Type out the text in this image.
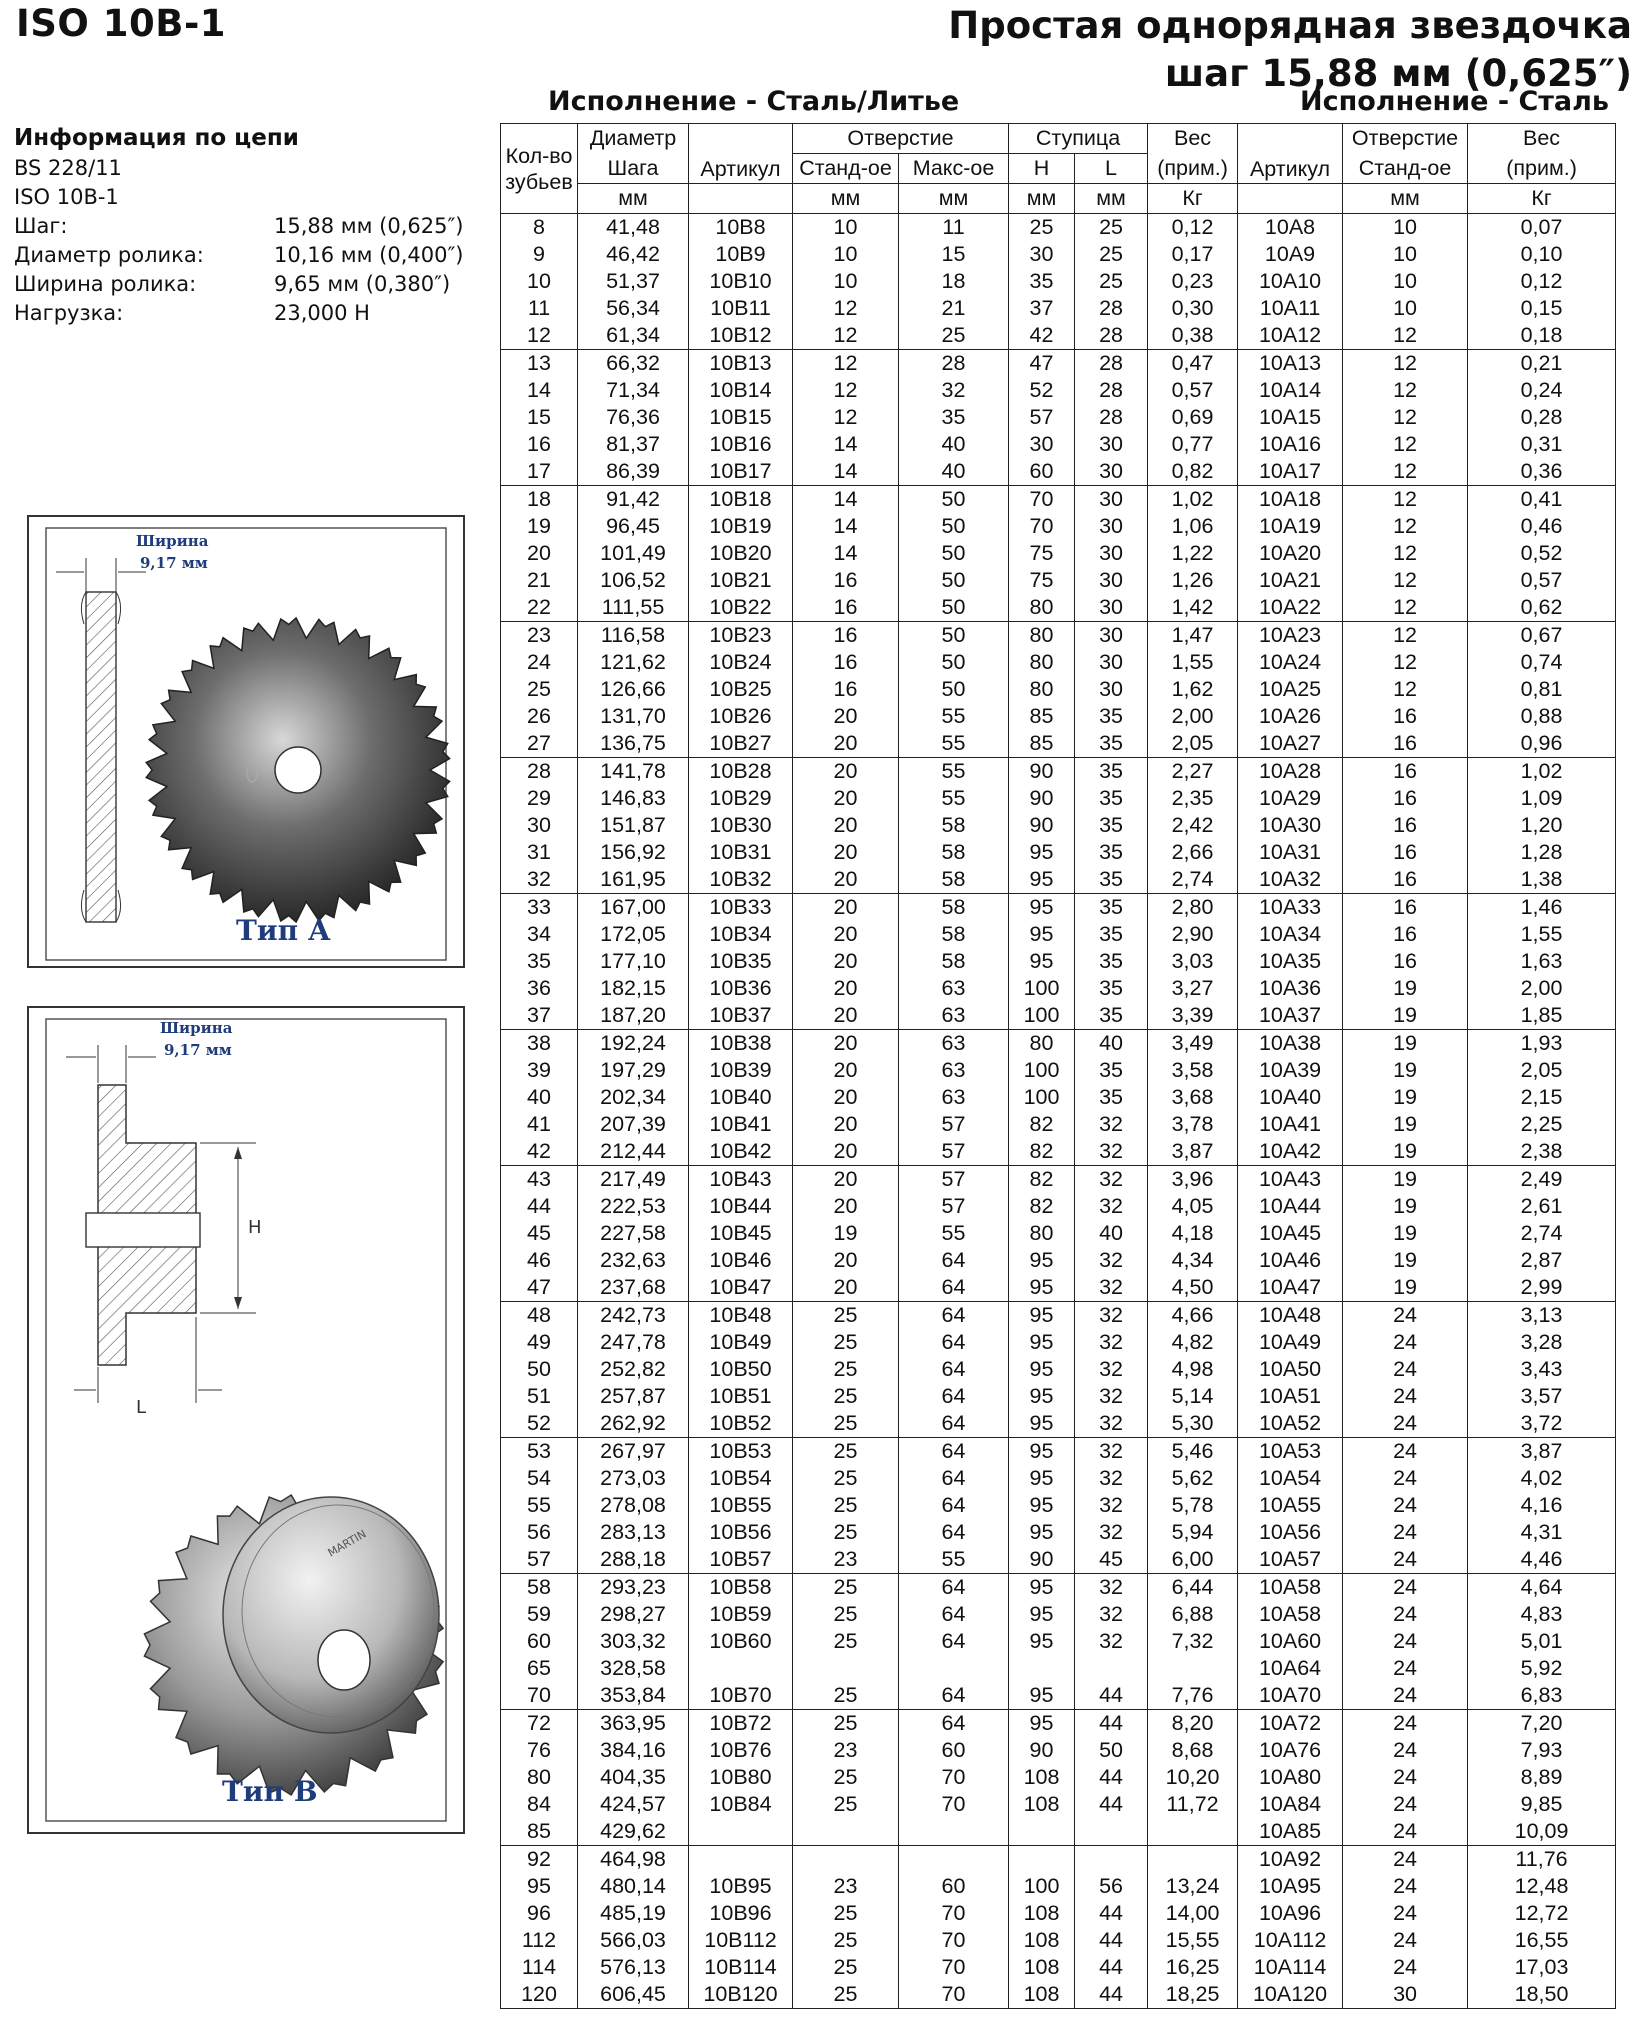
ISO 10B-1	Простая однорядная звездочка
шаг 15,88 мм (0,625″)
Исполнение - Сталь/Литье	Исполнение - Сталь
Информация по цепи
BS 228/11
ISO 10B-1
Шаг:	15,88 мм (0,625″)
Диаметр ролика:	10,16 мм (0,400″)
Ширина ролика:	9,65 мм (0,380″)
Нагрузка:	23,000 Н
Ширина
9,17 мм
Тип А
Ширина
9,17 мм
H
L
MARTIN
Тип В
Кол-во
зубьев	Диаметр	Артикул	Отверстие		Ступица		Вес	Артикул	Отверстие	Вес
	Шага		Станд-ое	Макс-ое	H	L	(прим.)		Станд-ое	(прим.)
	мм		мм	мм	мм	мм	Кг		мм	Кг
8	41,48	10B8	10	11	25	25	0,12	10A8	10	0,07
9	46,42	10B9	10	15	30	25	0,17	10A9	10	0,10
10	51,37	10B10	10	18	35	25	0,23	10A10	10	0,12
11	56,34	10B11	12	21	37	28	0,30	10A11	10	0,15
12	61,34	10B12	12	25	42	28	0,38	10A12	12	0,18
13	66,32	10B13	12	28	47	28	0,47	10A13	12	0,21
14	71,34	10B14	12	32	52	28	0,57	10A14	12	0,24
15	76,36	10B15	12	35	57	28	0,69	10A15	12	0,28
16	81,37	10B16	14	40	30	30	0,77	10A16	12	0,31
17	86,39	10B17	14	40	60	30	0,82	10A17	12	0,36
18	91,42	10B18	14	50	70	30	1,02	10A18	12	0,41
19	96,45	10B19	14	50	70	30	1,06	10A19	12	0,46
20	101,49	10B20	14	50	75	30	1,22	10A20	12	0,52
21	106,52	10B21	16	50	75	30	1,26	10A21	12	0,57
22	111,55	10B22	16	50	80	30	1,42	10A22	12	0,62
23	116,58	10B23	16	50	80	30	1,47	10A23	12	0,67
24	121,62	10B24	16	50	80	30	1,55	10A24	12	0,74
25	126,66	10B25	16	50	80	30	1,62	10A25	12	0,81
26	131,70	10B26	20	55	85	35	2,00	10A26	16	0,88
27	136,75	10B27	20	55	85	35	2,05	10A27	16	0,96
28	141,78	10B28	20	55	90	35	2,27	10A28	16	1,02
29	146,83	10B29	20	55	90	35	2,35	10A29	16	1,09
30	151,87	10B30	20	58	90	35	2,42	10A30	16	1,20
31	156,92	10B31	20	58	95	35	2,66	10A31	16	1,28
32	161,95	10B32	20	58	95	35	2,74	10A32	16	1,38
33	167,00	10B33	20	58	95	35	2,80	10A33	16	1,46
34	172,05	10B34	20	58	95	35	2,90	10A34	16	1,55
35	177,10	10B35	20	58	95	35	3,03	10A35	16	1,63
36	182,15	10B36	20	63	100	35	3,27	10A36	19	2,00
37	187,20	10B37	20	63	100	35	3,39	10A37	19	1,85
38	192,24	10B38	20	63	80	40	3,49	10A38	19	1,93
39	197,29	10B39	20	63	100	35	3,58	10A39	19	2,05
40	202,34	10B40	20	63	100	35	3,68	10A40	19	2,15
41	207,39	10B41	20	57	82	32	3,78	10A41	19	2,25
42	212,44	10B42	20	57	82	32	3,87	10A42	19	2,38
43	217,49	10B43	20	57	82	32	3,96	10A43	19	2,49
44	222,53	10B44	20	57	82	32	4,05	10A44	19	2,61
45	227,58	10B45	19	55	80	40	4,18	10A45	19	2,74
46	232,63	10B46	20	64	95	32	4,34	10A46	19	2,87
47	237,68	10B47	20	64	95	32	4,50	10A47	19	2,99
48	242,73	10B48	25	64	95	32	4,66	10A48	24	3,13
49	247,78	10B49	25	64	95	32	4,82	10A49	24	3,28
50	252,82	10B50	25	64	95	32	4,98	10A50	24	3,43
51	257,87	10B51	25	64	95	32	5,14	10A51	24	3,57
52	262,92	10B52	25	64	95	32	5,30	10A52	24	3,72
53	267,97	10B53	25	64	95	32	5,46	10A53	24	3,87
54	273,03	10B54	25	64	95	32	5,62	10A54	24	4,02
55	278,08	10B55	25	64	95	32	5,78	10A55	24	4,16
56	283,13	10B56	25	64	95	32	5,94	10A56	24	4,31
57	288,18	10B57	23	55	90	45	6,00	10A57	24	4,46
58	293,23	10B58	25	64	95	32	6,44	10A58	24	4,64
59	298,27	10B59	25	64	95	32	6,88	10A58	24	4,83
60	303,32	10B60	25	64	95	32	7,32	10A60	24	5,01
65	328,58							10A64	24	5,92
70	353,84	10B70	25	64	95	44	7,76	10A70	24	6,83
72	363,95	10B72	25	64	95	44	8,20	10A72	24	7,20
76	384,16	10B76	23	60	90	50	8,68	10A76	24	7,93
80	404,35	10B80	25	70	108	44	10,20	10A80	24	8,89
84	424,57	10B84	25	70	108	44	11,72	10A84	24	9,85
85	429,62							10A85	24	10,09
92	464,98							10A92	24	11,76
95	480,14	10B95	23	60	100	56	13,24	10A95	24	12,48
96	485,19	10B96	25	70	108	44	14,00	10A96	24	12,72
112	566,03	10B112	25	70	108	44	15,55	10A112	24	16,55
114	576,13	10B114	25	70	108	44	16,25	10A114	24	17,03
120	606,45	10B120	25	70	108	44	18,25	10A120	30	18,50
